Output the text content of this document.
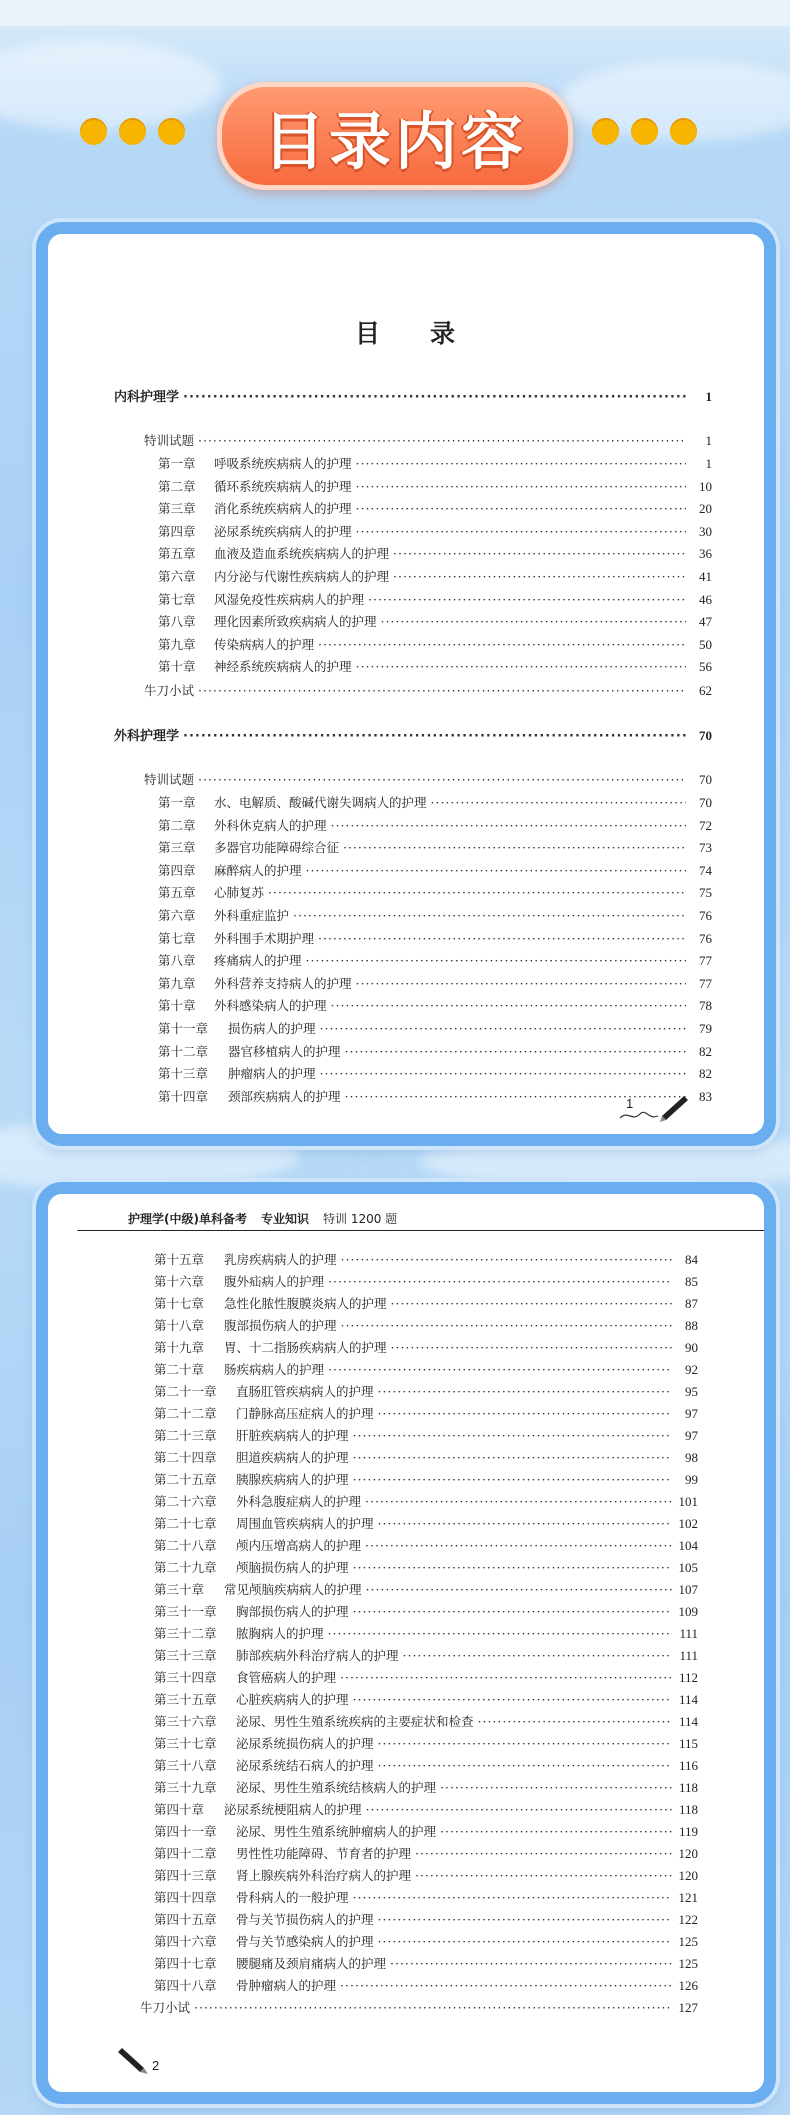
目录内容
目 录
内科护理学 ·····	1
特训试题 ·····	1
第一章 呼吸系统疾病病人的护理 ·····	1
第二章 循环系统疾病病人的护理 ·····	10
第三章 消化系统疾病病人的护理 ·····	20
第四章 泌尿系统疾病病人的护理 ·····	30
第五章 血液及造血系统疾病病人的护理 ·····	36
第六章 内分泌与代谢性疾病病人的护理 ·····	41
第七章 风湿免疫性疾病病人的护理 ·····	46
第八章 理化因素所致疾病病人的护理 ·····	47
第九章 传染病病人的护理 ·····	50
第十章 神经系统疾病病人的护理 ·····	56
牛刀小试 ·····	62
外科护理学 ·····	70
特训试题 ·····	70
第一章 水、电解质、酸碱代谢失调病人的护理 ·····	70
第二章 外科休克病人的护理 ·····	72
第三章 多器官功能障碍综合征 ·····	73
第四章 麻醉病人的护理 ·····	74
第五章 心肺复苏 ·····	75
第六章 外科重症监护 ·····	76
第七章 外科围手术期护理 ·····	76
第八章 疼痛病人的护理 ·····	77
第九章 外科营养支持病人的护理 ·····	77
第十章 外科感染病人的护理 ·····	78
第十一章 损伤病人的护理 ·····	79
第十二章 器官移植病人的护理 ·····	82
第十三章 肿瘤病人的护理 ·····	82
第十四章 颈部疾病病人的护理 ·····	83
1
护理学(中级)单科备考 专业知识 特训 1200 题
第十五章 乳房疾病病人的护理 ·····	84
第十六章 腹外疝病人的护理 ·····	85
第十七章 急性化脓性腹膜炎病人的护理 ·····	87
第十八章 腹部损伤病人的护理 ·····	88
第十九章 胃、十二指肠疾病病人的护理 ·····	90
第二十章 肠疾病病人的护理 ·····	92
第二十一章 直肠肛管疾病病人的护理 ·····	95
第二十二章 门静脉高压症病人的护理 ·····	97
第二十三章 肝脏疾病病人的护理 ·····	97
第二十四章 胆道疾病病人的护理 ·····	98
第二十五章 胰腺疾病病人的护理 ·····	99
第二十六章 外科急腹症病人的护理 ·····	101
第二十七章 周围血管疾病病人的护理 ·····	102
第二十八章 颅内压增高病人的护理 ·····	104
第二十九章 颅脑损伤病人的护理 ·····	105
第三十章 常见颅脑疾病病人的护理 ·····	107
第三十一章 胸部损伤病人的护理 ·····	109
第三十二章 脓胸病人的护理 ·····	111
第三十三章 肺部疾病外科治疗病人的护理 ·····	111
第三十四章 食管癌病人的护理 ·····	112
第三十五章 心脏疾病病人的护理 ·····	114
第三十六章 泌尿、男性生殖系统疾病的主要症状和检查 ·····	114
第三十七章 泌尿系统损伤病人的护理 ·····	115
第三十八章 泌尿系统结石病人的护理 ·····	116
第三十九章 泌尿、男性生殖系统结核病人的护理 ·····	118
第四十章 泌尿系统梗阻病人的护理 ·····	118
第四十一章 泌尿、男性生殖系统肿瘤病人的护理 ·····	119
第四十二章 男性性功能障碍、节育者的护理 ·····	120
第四十三章 肾上腺疾病外科治疗病人的护理 ·····	120
第四十四章 骨科病人的一般护理 ·····	121
第四十五章 骨与关节损伤病人的护理 ·····	122
第四十六章 骨与关节感染病人的护理 ·····	125
第四十七章 腰腿痛及颈肩痛病人的护理 ·····	125
第四十八章 骨肿瘤病人的护理 ·····	126
牛刀小试 ·····	127
2
